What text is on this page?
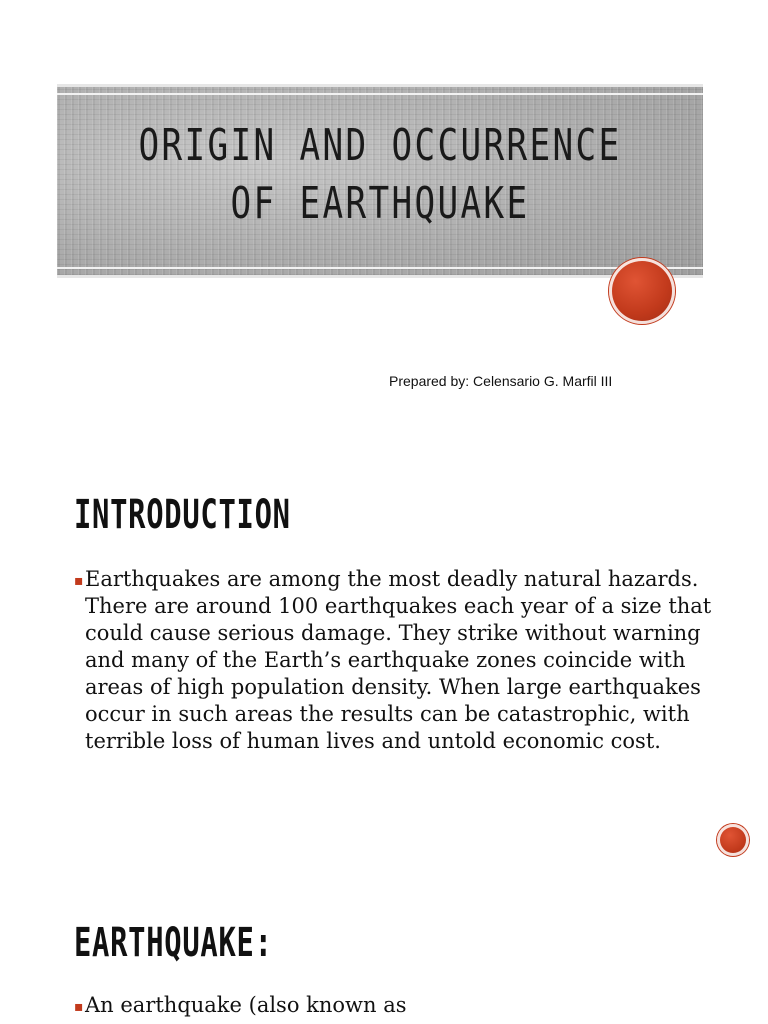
ORIGIN AND OCCURRENCE
OF EARTHQUAKE

Prepared by: Celensario G. Marfil III

INTRODUCTION

▪ Earthquakes are among the most deadly natural hazards. There are around 100 earthquakes each year of a size that could cause serious damage. They strike without warning and many of the Earth’s earthquake zones coincide with areas of high population density. When large earthquakes occur in such areas the results can be catastrophic, with terrible loss of human lives and untold economic cost.

EARTHQUAKE:

▪ An earthquake (also known as
